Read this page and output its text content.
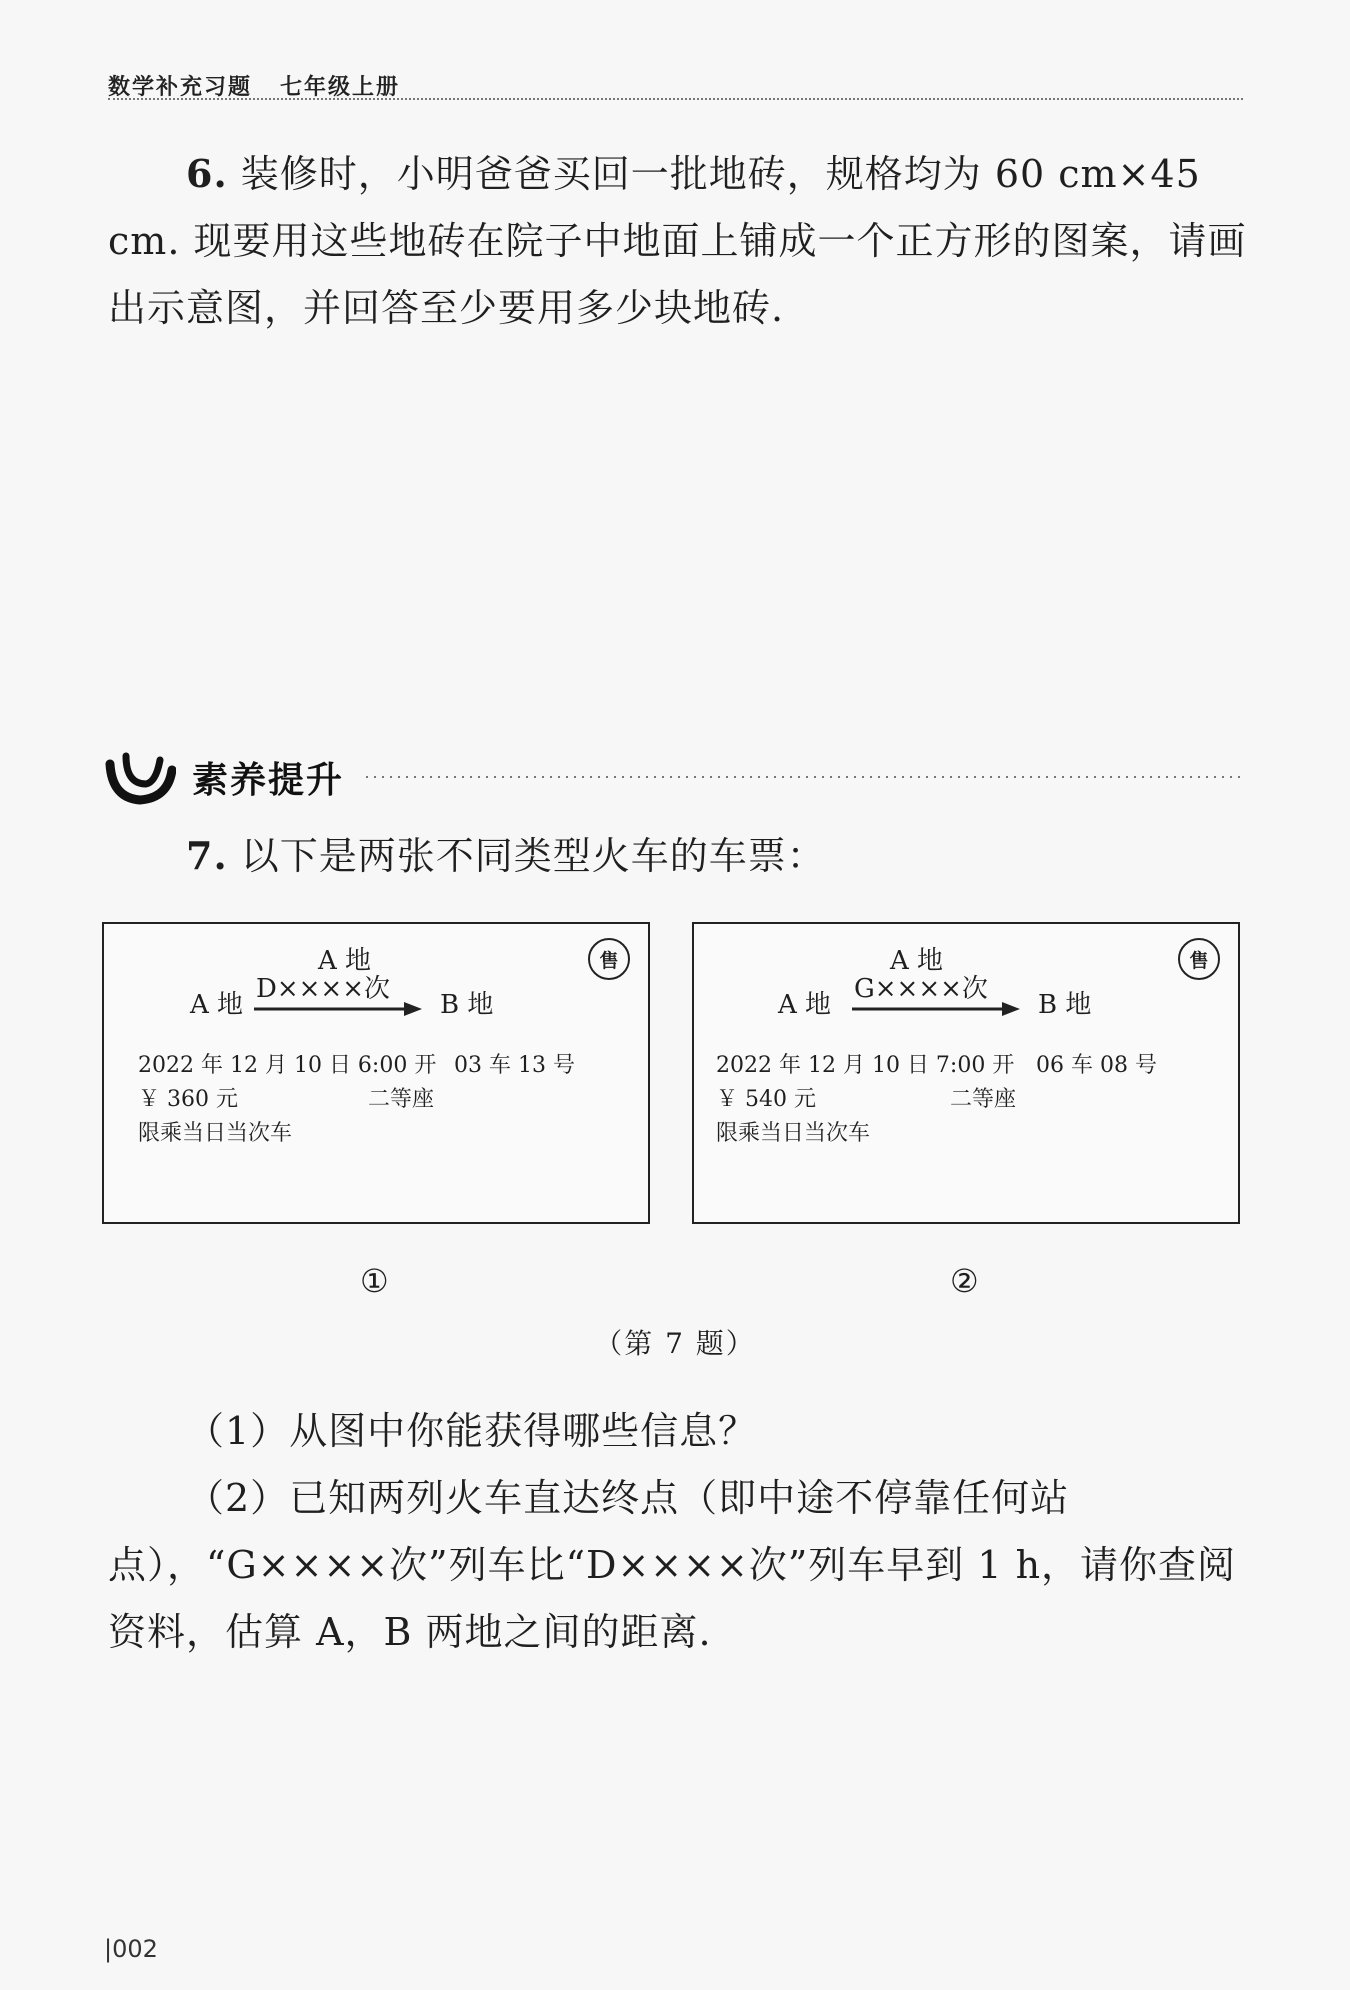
数学补充习题 七年级上册
6. 装修时，小明爸爸买回一批地砖，规格均为 60 cm×45 cm. 现要用这些地砖在院子中地面上铺成一个正方形的图案，请画出示意图，并回答至少要用多少块地砖.
素养提升
7. 以下是两张不同类型火车的车票：
A 地
A 地
D××××次
B 地
售
2022 年 12 月 10 日 6:00 开 03 车 13 号
￥ 360 元	二等座
限乘当日当次车
A 地
A 地
G××××次
B 地
售
2022 年 12 月 10 日 7:00 开 06 车 08 号
￥ 540 元	二等座
限乘当日当次车
①	②
（第 7 题）
（1）从图中你能获得哪些信息？
（2）已知两列火车直达终点（即中途不停靠任何站点），“G××××次”列车比“D××××次”列车早到 1 h，请你查阅资料，估算 A，B 两地之间的距离.
|002
